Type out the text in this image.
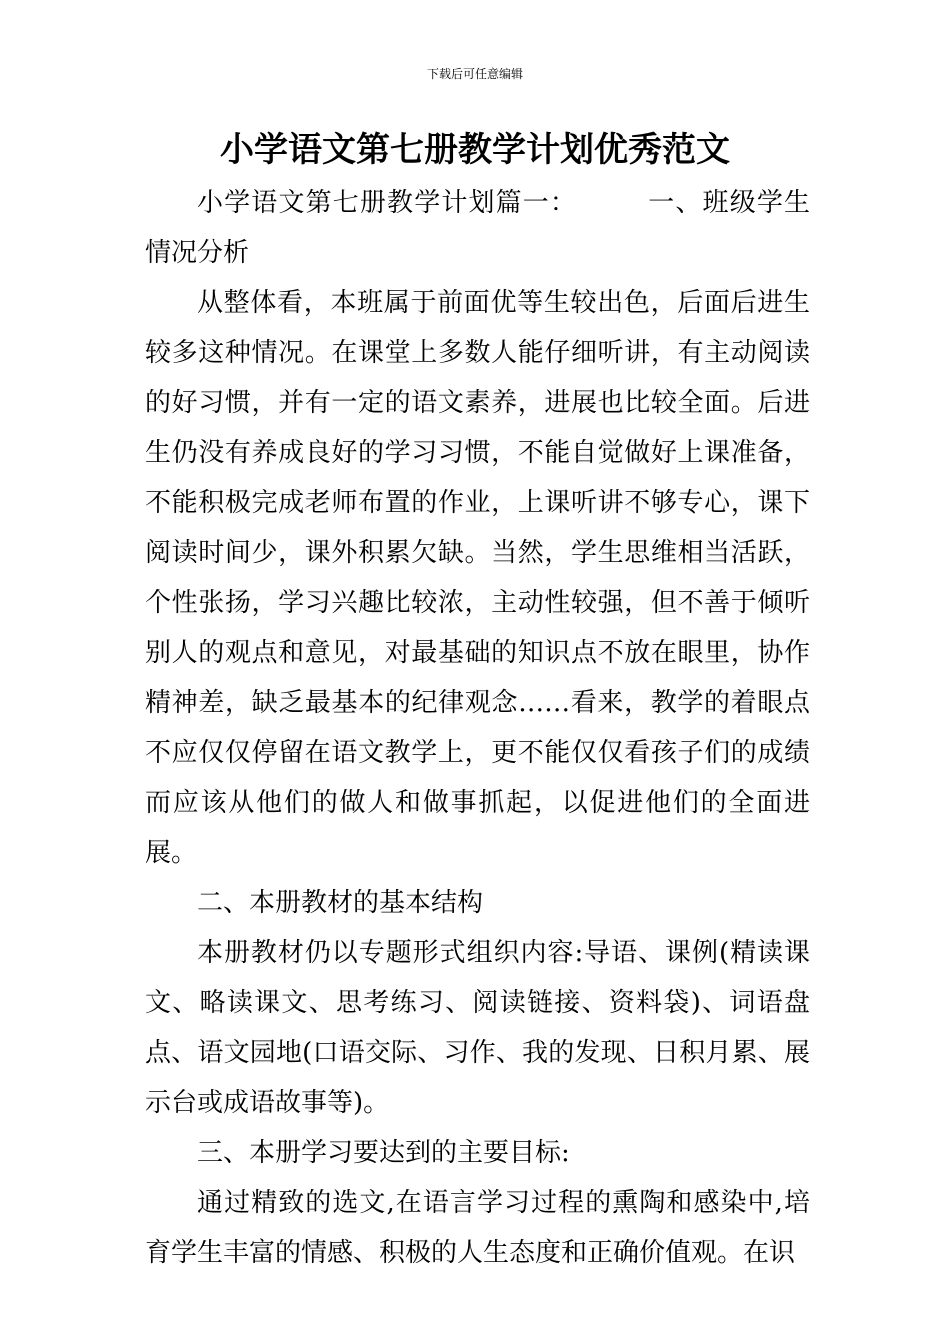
下载后可任意编辑
小学语文第七册教学计划优秀范文

小学语文第七册教学计划篇一：	一、班级学生情况分析

从整体看，本班属于前面优等生较出色，后面后进生较多这种情况。在课堂上多数人能仔细听讲，有主动阅读的好习惯，并有一定的语文素养，进展也比较全面。后进生仍没有养成良好的学习习惯，不能自觉做好上课准备，不能积极完成老师布置的作业，上课听讲不够专心，课下阅读时间少，课外积累欠缺。当然，学生思维相当活跃，个性张扬，学习兴趣比较浓，主动性较强，但不善于倾听别人的观点和意见，对最基础的知识点不放在眼里，协作精神差，缺乏最基本的纪律观念……看来，教学的着眼点不应仅仅停留在语文教学上，更不能仅仅看孩子们的成绩而应该从他们的做人和做事抓起，以促进他们的全面进展。

二、本册教材的基本结构

本册教材仍以专题形式组织内容:导语、课例(精读课文、略读课文、思考练习、阅读链接、资料袋)、词语盘点、语文园地(口语交际、习作、我的发现、日积月累、展示台或成语故事等)。

三、本册学习要达到的主要目标:

通过精致的选文,在语言学习过程的熏陶和感染中,培育学生丰富的情感、积极的人生态度和正确价值观。在识
